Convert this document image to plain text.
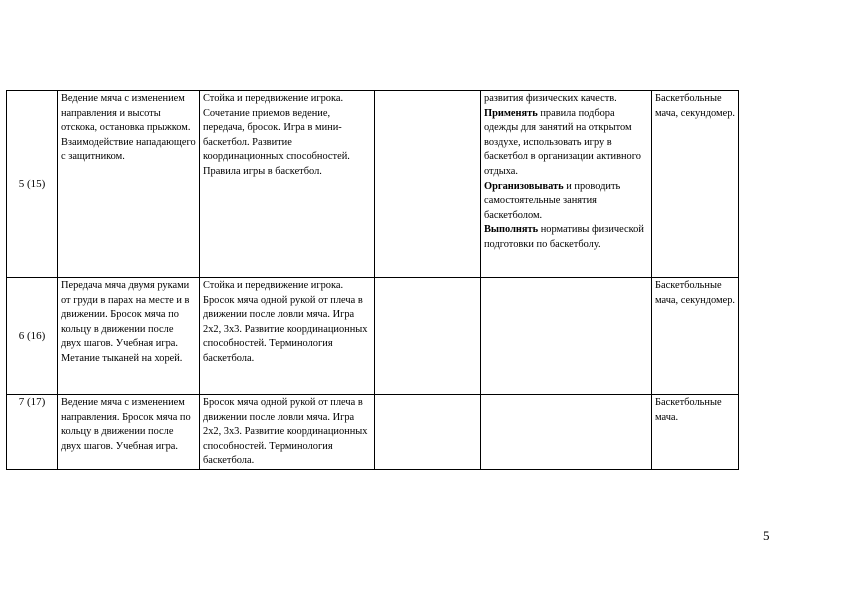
5 (15)	Ведение мяча с изменением направления и высоты отскока, остановка прыжком. Взаимодействие нападающего с защитником.	Стойка и передвижение игрока. Сочетание приемов ведение, передача, бросок. Игра в мини-баскетбол. Развитие координационных способностей. Правила игры в баскетбол.		развития физических качеств.
Применять правила подбора одежды для занятий на открытом воздухе, использовать игру в баскетбол в организации активного отдыха.
Организовывать и проводить самостоятельные занятия баскетболом.
Выполнять нормативы физической подготовки по баскетболу.	Баскетбольные мача, секундомер.
6 (16)	Передача мяча двумя руками от груди в парах на месте и в движении. Бросок мяча по кольцу в движении после двух шагов. Учебная игра. Метание тыканей на хорей.	Стойка и передвижение игрока. Бросок мяча одной рукой от плеча в движении после ловли мяча. Игра 2х2, 3х3. Развитие координационных способностей. Терминология баскетбола.			Баскетбольные мача, секундомер.
7 (17)	Ведение мяча с изменением направления. Бросок мяча по кольцу в движении после двух шагов. Учебная игра.	Бросок мяча одной рукой от плеча в движении после ловли мяча. Игра 2х2, 3х3. Развитие координационных способностей. Терминология баскетбола.			Баскетбольные мача.
5
